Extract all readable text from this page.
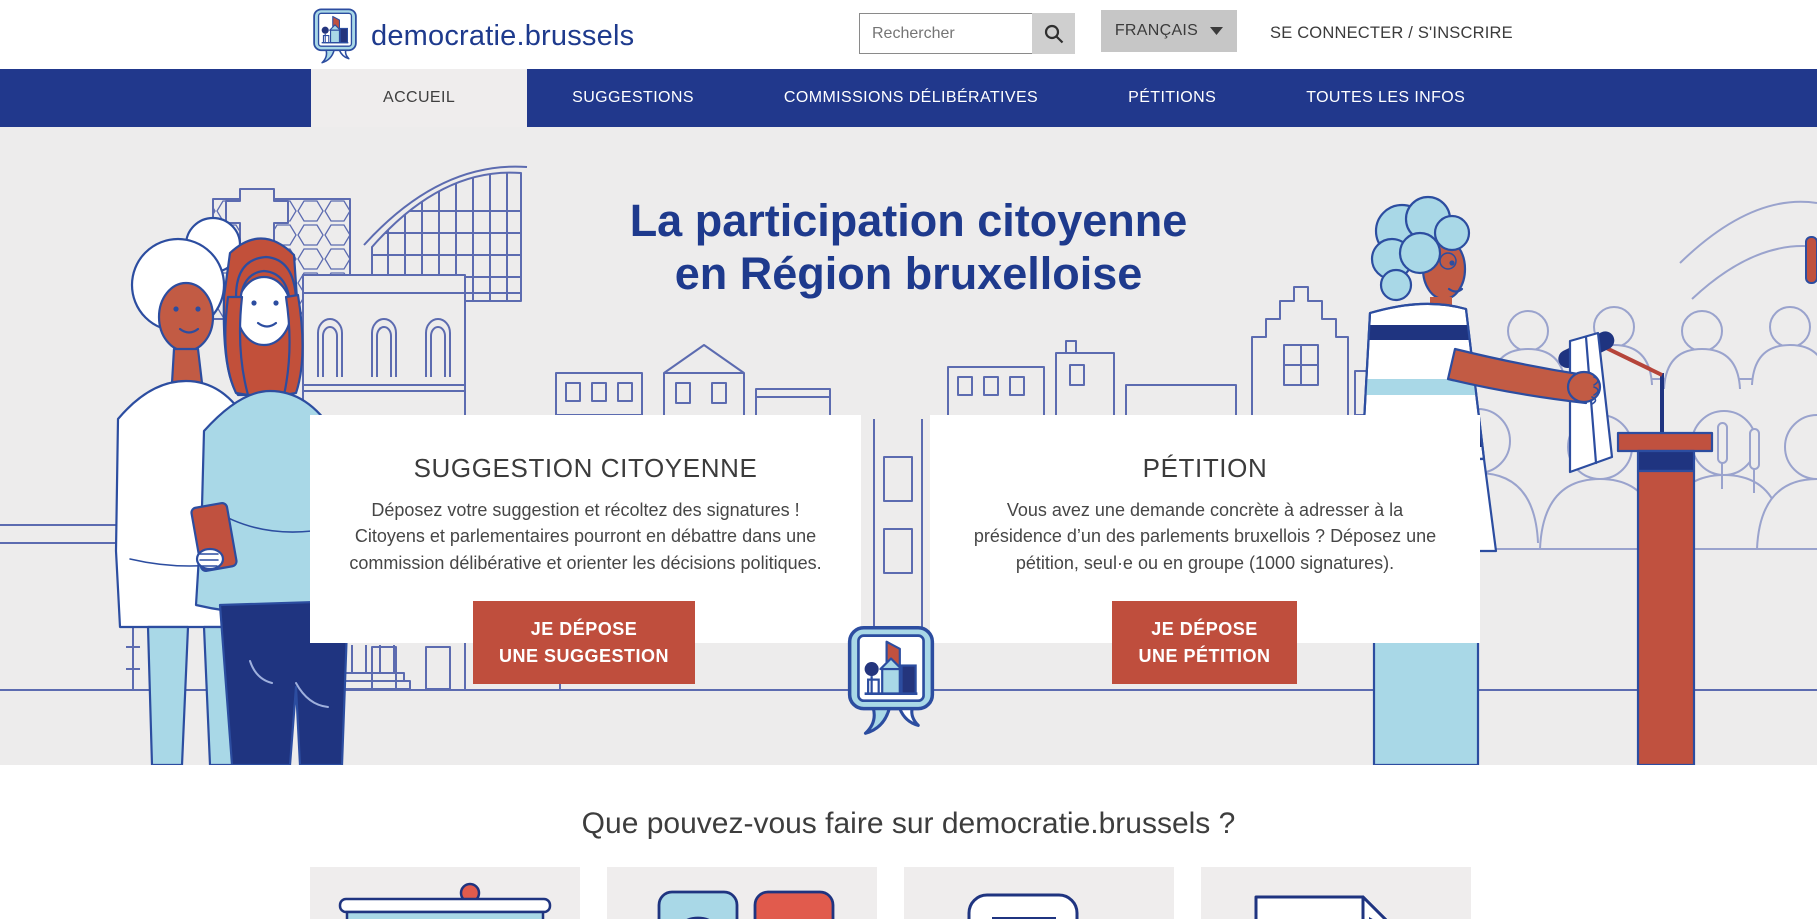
democratie.brussels
Rechercher	FRANÇAIS	SE CONNECTER / S'INSCRIRE
ACCUEIL	SUGGESTIONS	COMMISSIONS DÉLIBÉRATIVES	PÉTITIONS	TOUTES LES INFOS
La participation citoyenne
en Région bruxelloise
SUGGESTION CITOYENNE

Déposez votre suggestion et récoltez des signatures ! Citoyens et parlementaires pourront en débattre dans une commission délibérative et orienter les décisions politiques.

PÉTITION

Vous avez une demande concrète à adresser à la présidence d’un des parlements bruxellois ? Déposez une pétition, seul·e ou en groupe (1000 signatures).

JE DÉPOSE
UNE SUGGESTION
JE DÉPOSE
UNE PÉTITION
Que pouvez-vous faire sur democratie.brussels ?
